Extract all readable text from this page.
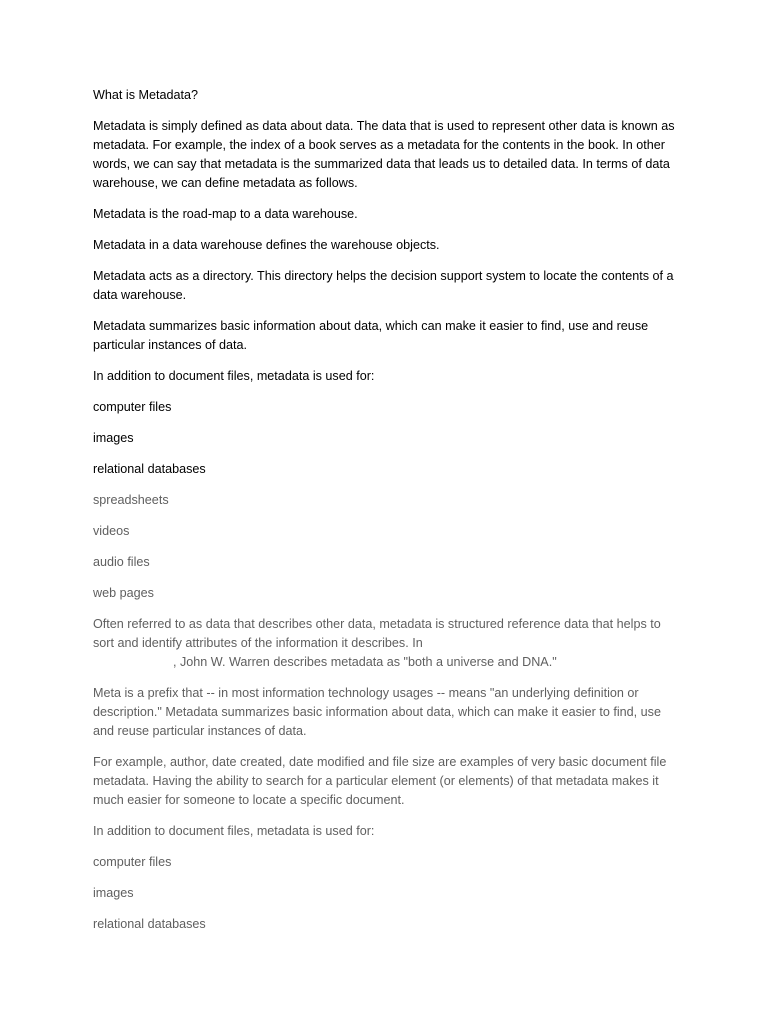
What is Metadata?

Metadata is simply defined as data about data. The data that is used to represent other data is known as metadata. For example, the index of a book serves as a metadata for the contents in the book. In other words, we can say that metadata is the summarized data that leads us to detailed data. In terms of data warehouse, we can define metadata as follows.

Metadata is the road-map to a data warehouse.

Metadata in a data warehouse defines the warehouse objects.

Metadata acts as a directory. This directory helps the decision support system to locate the contents of a data warehouse.

Metadata summarizes basic information about data, which can make it easier to find, use and reuse particular instances of data.

In addition to document files, metadata is used for:

computer files

images

relational databases

spreadsheets

videos

audio files

web pages

Often referred to as data that describes other data, metadata is structured reference data that helps to sort and identify attributes of the information it describes. In
, John W. Warren describes metadata as "both a universe and DNA."

Meta is a prefix that -- in most information technology usages -- means "an underlying definition or description." Metadata summarizes basic information about data, which can make it easier to find, use and reuse particular instances of data.

For example, author, date created, date modified and file size are examples of very basic document file metadata. Having the ability to search for a particular element (or elements) of that metadata makes it much easier for someone to locate a specific document.

In addition to document files, metadata is used for:

computer files

images

relational databases
